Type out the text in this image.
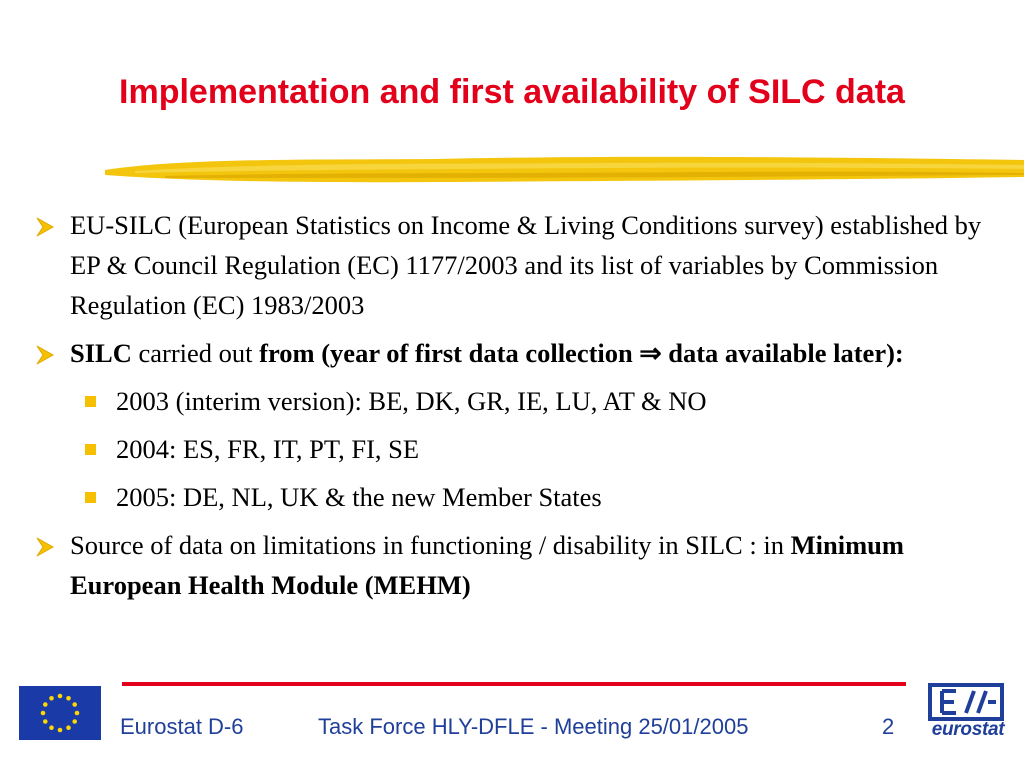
Implementation and first availability of SILC data
EU-SILC (European Statistics on Income & Living Conditions survey) established by EP & Council Regulation (EC) 1177/2003 and its list of variables by Commission Regulation (EC) 1983/2003
SILC carried out from (year of first data collection ⇒ data available later):
2003 (interim version): BE, DK, GR, IE, LU, AT & NO
2004: ES, FR, IT, PT, FI, SE
2005: DE, NL, UK & the new Member States
Source of data on limitations in functioning / disability in SILC : in Minimum European Health Module (MEHM)
Eurostat D-6	Task Force HLY-DFLE - Meeting 25/01/2005	2	eurostat
